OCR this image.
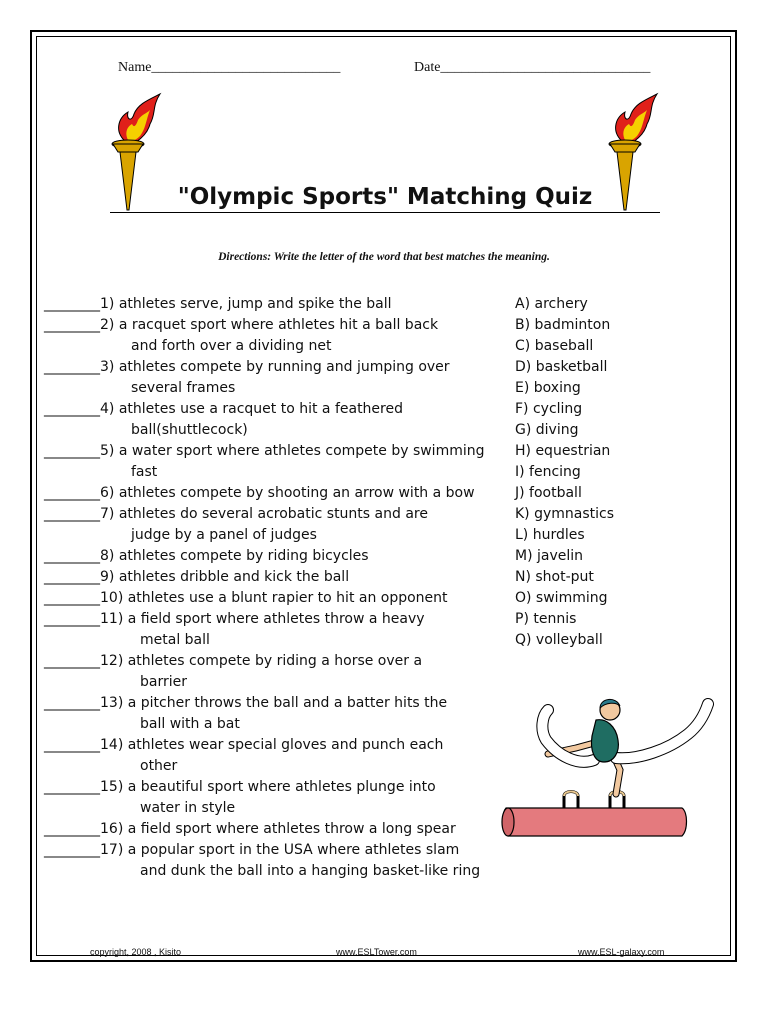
Name___________________________	Date______________________________
"Olympic Sports" Matching Quiz
Directions: Write the letter of the word that best matches the meaning.
________1) athletes serve, jump and spike the ball
________2) a racquet sport where athletes hit a ball back
and forth over a dividing net
________3) athletes compete by running and jumping over
several frames
________4) athletes use a racquet to hit a feathered
ball(shuttlecock)
________5) a water sport where athletes compete by swimming
fast
________6) athletes compete by shooting an arrow with a bow
________7) athletes do several acrobatic stunts and are
judge by a panel of judges
________8) athletes compete by riding bicycles
________9) athletes dribble and kick the ball
________10) athletes use a blunt rapier to hit an opponent
________11) a field sport where athletes throw a heavy
metal ball
________12) athletes compete by riding a horse over a
barrier
________13) a pitcher throws the ball and a batter hits the
ball with a bat
________14) athletes wear special gloves and punch each
other
________15) a beautiful sport where athletes plunge into
water in style
________16) a field sport where athletes throw a long spear
________17) a popular sport in the USA where athletes slam
and dunk the ball into a hanging basket-like ring
A) archery
B) badminton
C) baseball
D) basketball
E) boxing
F) cycling
G) diving
H) equestrian
I) fencing
J) football
K) gymnastics
L) hurdles
M) javelin
N) shot-put
O) swimming
P) tennis
Q) volleyball
copyright, 2008 , Kisito	www.ESLTower.com	www.ESL-galaxy.com
